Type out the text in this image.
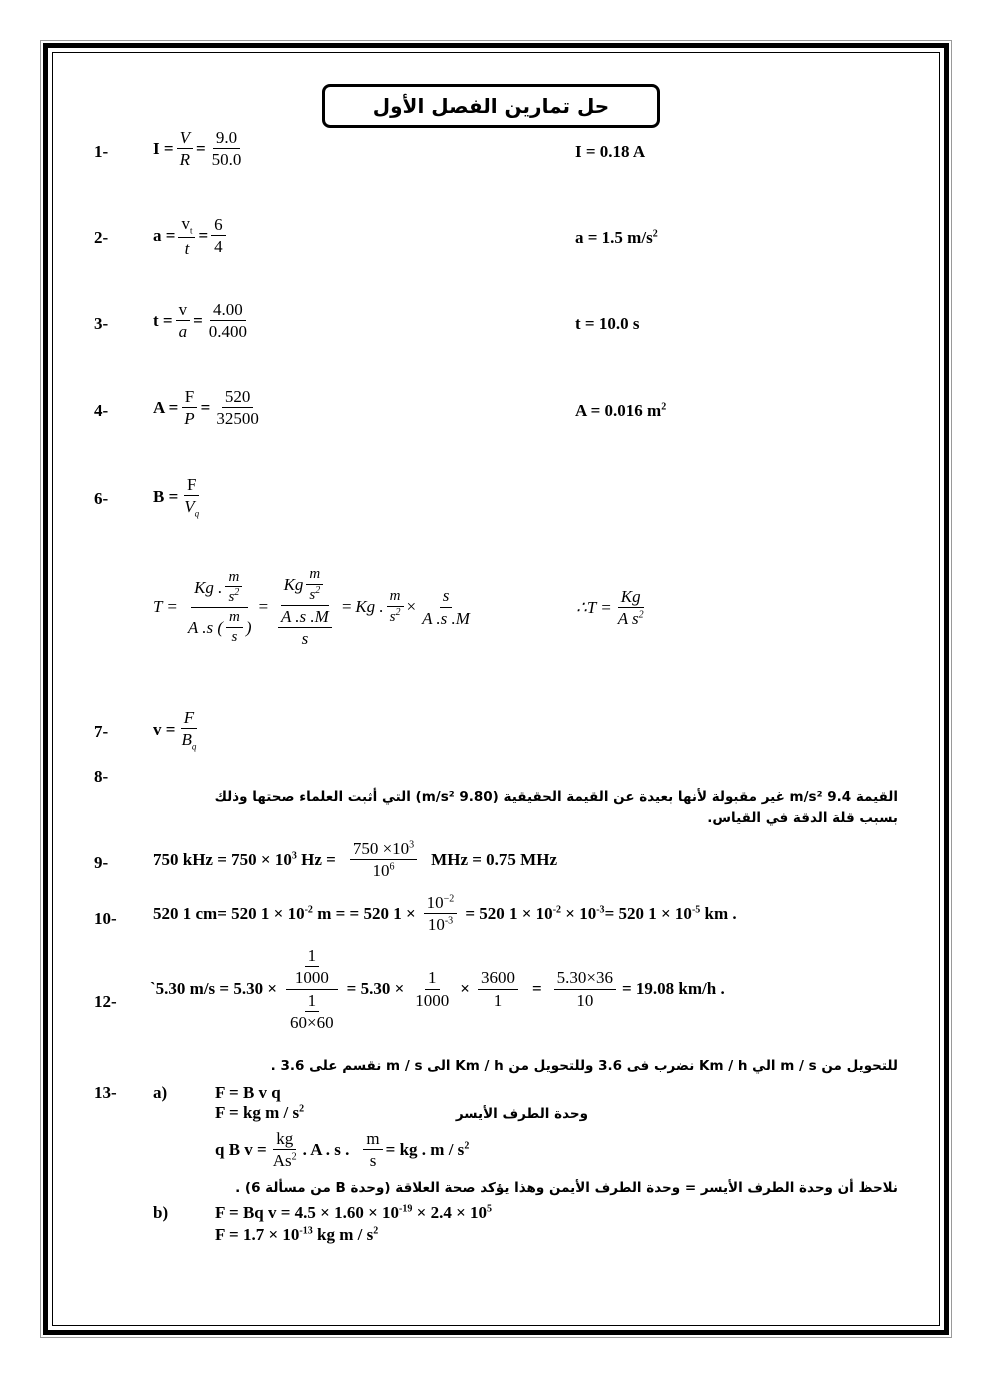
حل تمارين الفصل الأول
1-	$I = \frac{V}{R} = \frac{9.0}{50.0}$	I = 0.18 A
2-	$a = \frac{v_t}{t} = \frac{6}{4}$	a = 1.5 $m/s^2$
3-	$t = \frac{v}{a} = \frac{4.00}{0.400}$	t = 10.0 s
4-	$A = \frac{F}{P} = \frac{520}{32500}$	A = 0.016 $m^2$
6-	$B = \frac{F}{V_q}$
$T = \frac{Kg . \frac{m}{s^2}}{A .s ( \frac{m}{s} )} = \frac{Kg \frac{m}{s^2}}{\frac{A .s .M}{s}} = Kg$ . $\frac{m}{s^2} \times \frac{s}{A .s .M}$	∴T = $\frac{Kg}{A s^2}$
7-	$v = \frac{F}{B_q}$
8-
القيمة 9.4 m/s² غير مقبولة لأنها بعيدة عن القيمة الحقيقية (9.80 m/s²) التي أثبت العلماء صحتها وذلك
بسبب قلة الدقة في القياس.
9-	750 kHz = $750 \times 10^3$ $Hz = \frac{750 \times 10^3}{10^6}$ MHz = 0.75 MHz
10- 520 1 cm= 520 $1 \times 10^{-2}$ m = = 520 $1 \times \frac{10^{-2}}{10^{-3}} = 520$ $1 \times 10^{-2} \times 10^{-3}= 520$ $1 \times 10^{-5}$ km .
12-
`5.30 $m/s = 5.30 \times \frac{\frac{1}{1000}}{\frac{1}{60\times 60}} = 5.30 \times \frac{1}{1000} \times \frac{3600}{1} = \frac{5.30\times 36}{10} = 19.08$ km/h .
للتحويل من m / s الي Km / h نضرب فى 3.6 وللتحويل من Km / h الى m / s نقسم على 3.6 .
13- a)	F = B v q
F = kg m / $s^2$	وحدة الطرف الأيسر
q B $v = \frac{kg}{As^2}$ . A . s . $\frac{m}{s}$ = kg . m / $s^2$
نلاحظ أن وحدة الطرف الأيسر = وحدة الطرف الأيمن وهذا يؤكد صحة العلاقة (وحدة B من مسألة 6) .
b)	F = Bq $v = 4.5 \times 1.60 \times 10^{-19} \times 2.4 \times 10^5$
$F = 1.7 \times 10^{-13}$ kg m / $s^2$
